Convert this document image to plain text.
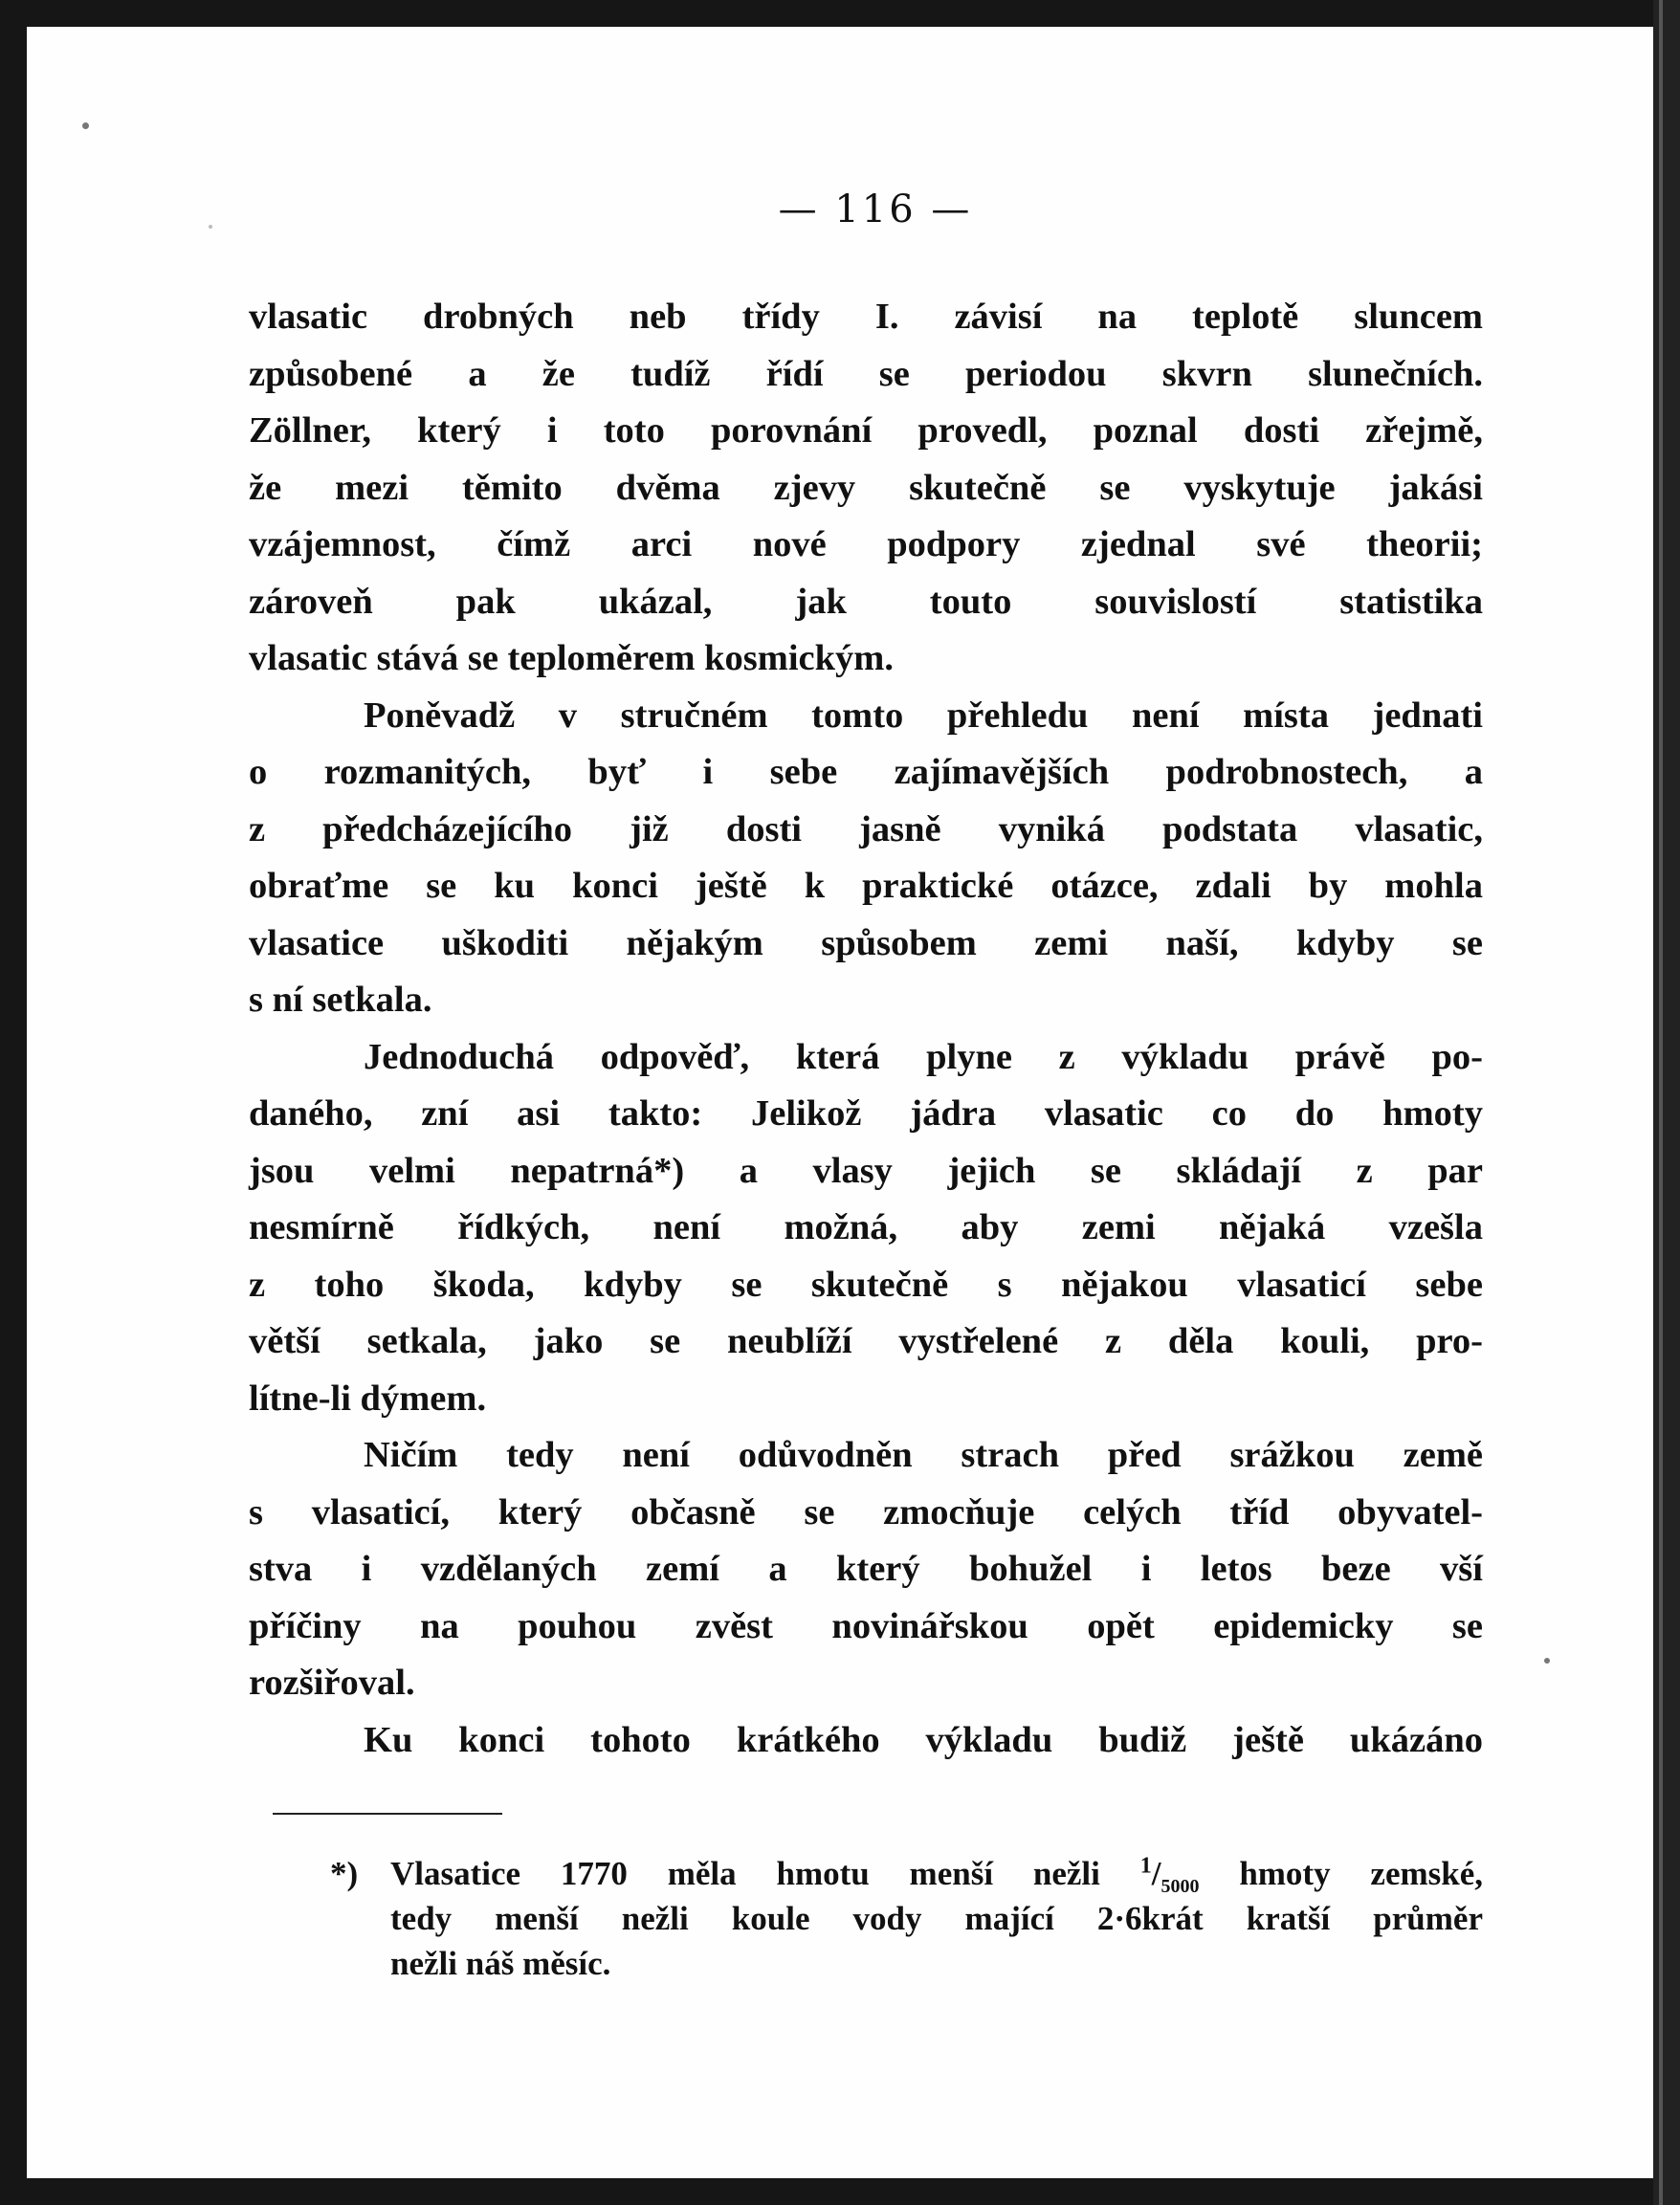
— 116 —
vlasatic drobných neb třídy I. závisí na teplotě sluncem
způsobené a že tudíž řídí se periodou skvrn slunečních.
Zöllner, který i toto porovnání provedl, poznal dosti zřejmě,
že mezi těmito dvěma zjevy skutečně se vyskytuje jakási
vzájemnost, čímž arci nové podpory zjednal své theorii;
zároveň pak ukázal, jak touto souvislostí statistika
vlasatic stává se teploměrem kosmickým.
Poněvadž v stručném tomto přehledu není místa jednati
o rozmanitých, byť i sebe zajímavějších podrobnostech, a
z předcházejícího již dosti jasně vyniká podstata vlasatic,
obraťme se ku konci ještě k praktické otázce, zdali by mohla
vlasatice uškoditi nějakým spůsobem zemi naší, kdyby se
s ní setkala.
Jednoduchá odpověď, která plyne z výkladu právě po-
daného, zní asi takto: Jelikož jádra vlasatic co do hmoty
jsou velmi nepatrná*) a vlasy jejich se skládají z par
nesmírně řídkých, není možná, aby zemi nějaká vzešla
z toho škoda, kdyby se skutečně s nějakou vlasaticí sebe
větší setkala, jako se neublíží vystřelené z děla kouli, pro-
lítne-li dýmem.
Ničím tedy není odůvodněn strach před srážkou země
s vlasaticí, který občasně se zmocňuje celých tříd obyvatel-
stva i vzdělaných zemí a který bohužel i letos beze vší
příčiny na pouhou zvěst novinářskou opět epidemicky se
rozšiřoval.
Ku konci tohoto krátkého výkladu budiž ještě ukázáno
*) Vlasatice 1770 měla hmotu menší nežli $^1/_{5000}$ hmoty zemské,
tedy menší nežli koule vody mající 2·6krát kratší průměr
nežli náš měsíc.
